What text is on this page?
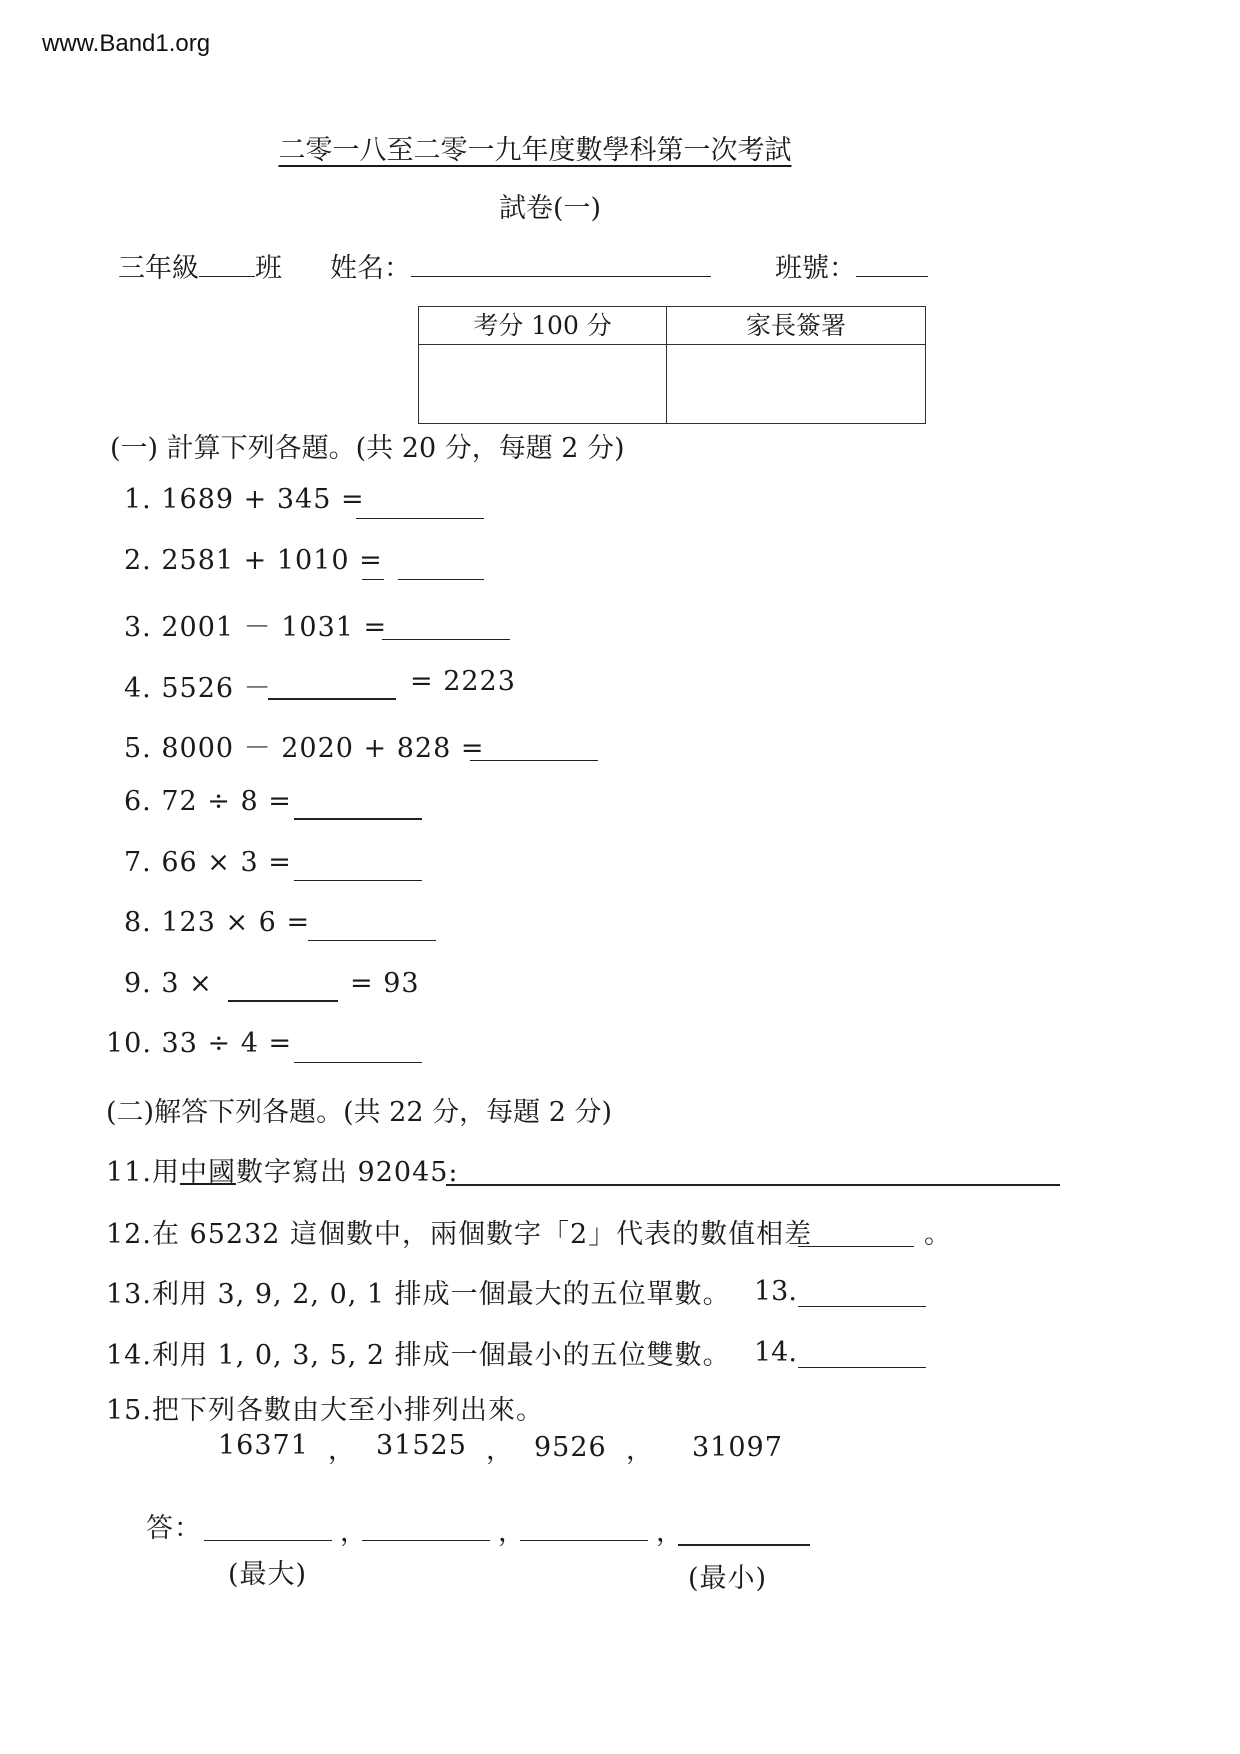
www.Band1.org
二零一八至二零一九年度數學科第一次考試
試卷(一)
三年級 班 姓名：	班號：
考分 100 分	家長簽署
(一) 計算下列各題。(共 20 分，每題 2 分)
1. 1689 + 345 =
2. 2581 + 1010 =
3. 2001 － 1031 =
4. 5526 －	= 2223
5. 8000 － 2020 + 828 =
6. 72 ÷ 8 =
7. 66 × 3 =
8. 123 × 6 =
9. 3 ×	= 93
10. 33 ÷ 4 =
(二)解答下列各題。(共 22 分，每題 2 分)
11.用中國數字寫出 92045:
12.在 65232 這個數中，兩個數字「2」代表的數值相差	。
13.利用 3, 9, 2, 0, 1 排成一個最大的五位單數。 13.
14.利用 1, 0, 3, 5, 2 排成一個最小的五位雙數。 14.
15.把下列各數由大至小排列出來。
16371 ， 31525 ， 9526 ， 31097
答：	，	，	，
(最大)	(最小)
